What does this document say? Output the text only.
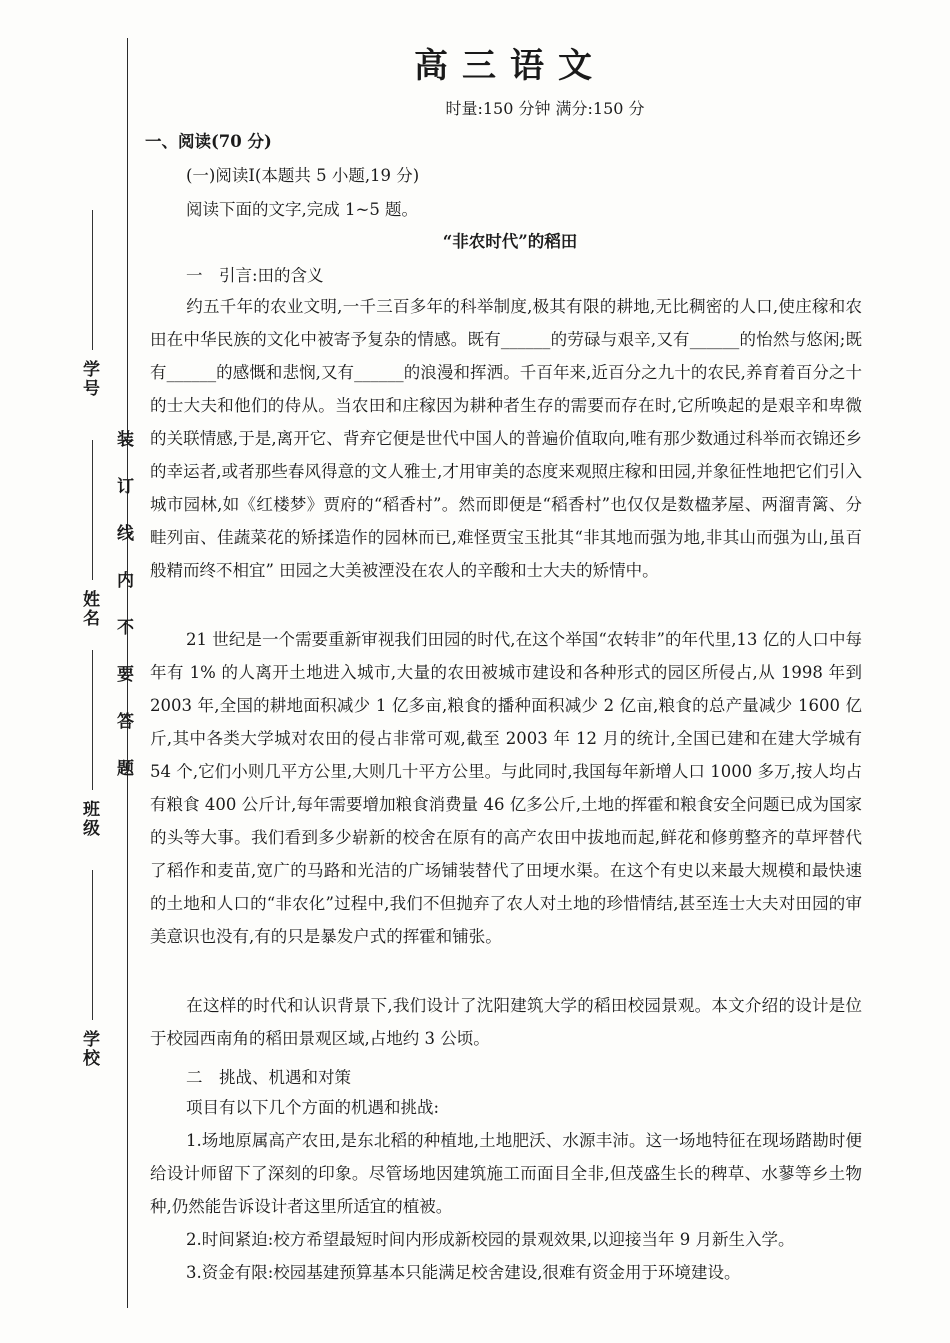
学号
姓名
班级
学校
装订线内不要答题
高三语文
时量:150 分钟 满分:150 分
一、阅读(70 分)
(一)阅读Ⅰ(本题共 5 小题,19 分)
阅读下面的文字,完成 1~5 题。
“非农时代”的稻田
一　引言:田的含义
约五千年的农业文明,一千三百多年的科举制度,极其有限的耕地,无比稠密的人口,使庄稼和农田在中华民族的文化中被寄予复杂的情感。既有______的劳碌与艰辛,又有______的怡然与悠闲;既有______的感慨和悲悯,又有______的浪漫和挥洒。千百年来,近百分之九十的农民,养育着百分之十的士大夫和他们的侍从。当农田和庄稼因为耕种者生存的需要而存在时,它所唤起的是艰辛和卑微的关联情感,于是,离开它、背弃它便是世代中国人的普遍价值取向,唯有那少数通过科举而衣锦还乡的幸运者,或者那些春风得意的文人雅士,才用审美的态度来观照庄稼和田园,并象征性地把它们引入城市园林,如《红楼梦》贾府的“稻香村”。然而即便是“稻香村”也仅仅是数楹茅屋、两溜青篱、分畦列亩、佳蔬菜花的矫揉造作的园林而已,难怪贾宝玉批其“非其地而强为地,非其山而强为山,虽百般精而终不相宜” 田园之大美被湮没在农人的辛酸和士大夫的矫情中。
21 世纪是一个需要重新审视我们田园的时代,在这个举国“农转非”的年代里,13 亿的人口中每年有 1% 的人离开土地进入城市,大量的农田被城市建设和各种形式的园区所侵占,从 1998 年到 2003 年,全国的耕地面积减少 1 亿多亩,粮食的播种面积减少 2 亿亩,粮食的总产量减少 1600 亿斤,其中各类大学城对农田的侵占非常可观,截至 2003 年 12 月的统计,全国已建和在建大学城有 54 个,它们小则几平方公里,大则几十平方公里。与此同时,我国每年新增人口 1000 多万,按人均占有粮食 400 公斤计,每年需要增加粮食消费量 46 亿多公斤,土地的挥霍和粮食安全问题已成为国家的头等大事。我们看到多少崭新的校舍在原有的高产农田中拔地而起,鲜花和修剪整齐的草坪替代了稻作和麦苗,宽广的马路和光洁的广场铺装替代了田埂水渠。在这个有史以来最大规模和最快速的土地和人口的“非农化”过程中,我们不但抛弃了农人对土地的珍惜情结,甚至连士大夫对田园的审美意识也没有,有的只是暴发户式的挥霍和铺张。
在这样的时代和认识背景下,我们设计了沈阳建筑大学的稻田校园景观。本文介绍的设计是位于校园西南角的稻田景观区域,占地约 3 公顷。
二　挑战、机遇和对策
项目有以下几个方面的机遇和挑战:
1.场地原属高产农田,是东北稻的种植地,土地肥沃、水源丰沛。这一场地特征在现场踏勘时便给设计师留下了深刻的印象。尽管场地因建筑施工而面目全非,但茂盛生长的稗草、水蓼等乡土物种,仍然能告诉设计者这里所适宜的植被。
2.时间紧迫:校方希望最短时间内形成新校园的景观效果,以迎接当年 9 月新生入学。
3.资金有限:校园基建预算基本只能满足校舍建设,很难有资金用于环境建设。
